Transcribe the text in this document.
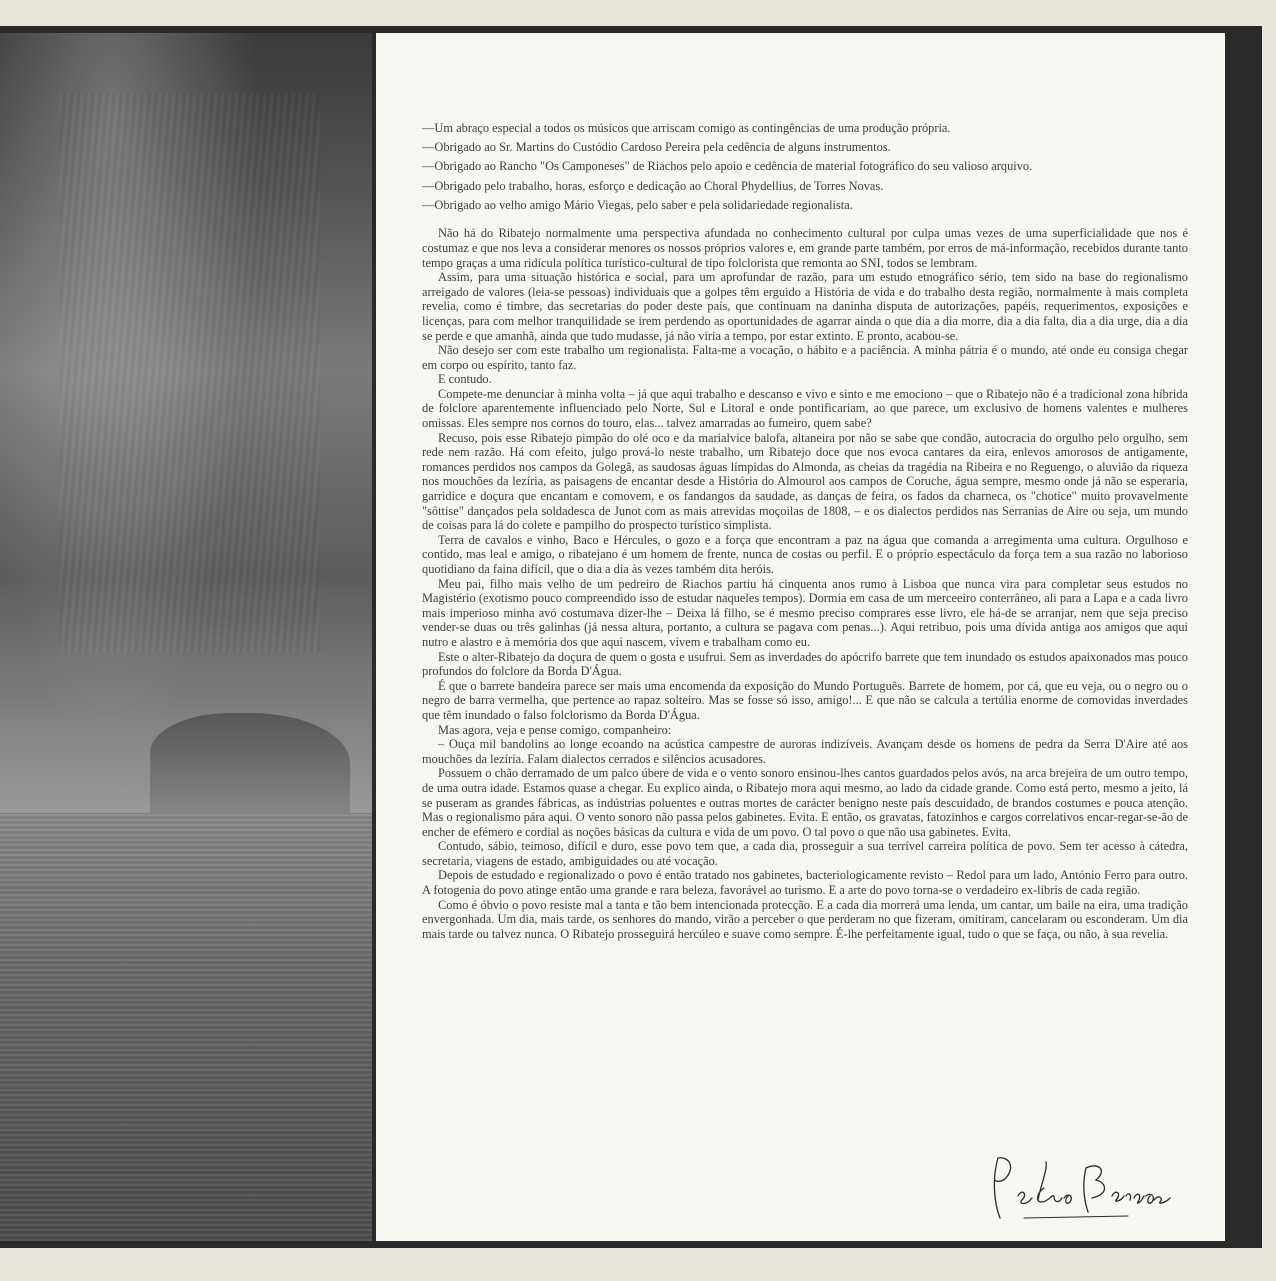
—Um abraço especial a todos os músicos que arriscam comigo as contingências de uma produção própria.
—Obrigado ao Sr. Martins do Custódio Cardoso Pereira pela cedência de alguns instrumentos.
—Obrigado ao Rancho "Os Camponeses" de Riachos pelo apoio e cedência de material fotográfico do seu valioso arquivo.
—Obrigado pelo trabalho, horas, esforço e dedicação ao Choral Phydellius, de Torres Novas.
—Obrigado ao velho amigo Mário Viegas, pelo saber e pela solidariedade regionalista.

Não há do Ribatejo normalmente uma perspectiva afundada no conhecimento cultural por culpa umas vezes de uma superficialidade que nos é costumaz e que nos leva a considerar menores os nossos próprios valores e, em grande parte também, por erros de má-informação, recebidos durante tanto tempo graças a uma ridícula política turístico-cultural de tipo folclorista que remonta ao SNI, todos se lembram.

Assim, para uma situação histórica e social, para um aprofundar de razão, para um estudo etnográfico sério, tem sido na base do regionalismo arreigado de valores (leia-se pessoas) individuais que a golpes têm erguido a História de vida e do trabalho desta região, normalmente à mais completa revelia, como é timbre, das secretarias do poder deste país, que continuam na daninha disputa de autorizações, papéis, requerimentos, exposições e licenças, para com melhor tranquilidade se irem perdendo as oportunidades de agarrar ainda o que dia a dia morre, dia a dia falta, dia a dia urge, dia a dia se perde e que amanhã, ainda que tudo mudasse, já não viria a tempo, por estar extinto. E pronto, acabou-se.

Não desejo ser com este trabalho um regionalista. Falta-me a vocação, o hábito e a paciência. A minha pátria é o mundo, até onde eu consiga chegar em corpo ou espírito, tanto faz.

E contudo.

Compete-me denunciar à minha volta – já que aqui trabalho e descanso e vivo e sinto e me emociono – que o Ribatejo não é a tradicional zona híbrida de folclore aparentemente influenciado pelo Norte, Sul e Litoral e onde pontificariam, ao que parece, um exclusivo de homens valentes e mulheres omissas. Eles sempre nos cornos do touro, elas... talvez amarradas ao fumeiro, quem sabe?

Recuso, pois esse Ribatejo pimpão do olé oco e da marialvice balofa, altaneira por não se sabe que condão, autocracia do orgulho pelo orgulho, sem rede nem razão. Há com efeito, julgo prová-lo neste trabalho, um Ribatejo doce que nos evoca cantares da eira, enlevos amorosos de antigamente, romances perdidos nos campos da Golegã, as saudosas águas límpidas do Almonda, as cheias da tragédia na Ribeira e no Reguengo, o aluvião da riqueza nos mouchões da lezíria, as paisagens de encantar desde a História do Almourol aos campos de Coruche, água sempre, mesmo onde já não se esperaria, garridice e doçura que encantam e comovem, e os fandangos da saudade, as danças de feira, os fados da charneca, os "chotice" muito provavelmente "sôttise" dançados pela soldadesca de Junot com as mais atrevidas moçoilas de 1808, – e os dialectos perdidos nas Serranias de Aire ou seja, um mundo de coisas para lá do colete e pampilho do prospecto turístico simplista.

Terra de cavalos e vinho, Baco e Hércules, o gozo e a força que encontram a paz na água que comanda a arregimenta uma cultura. Orgulhoso e contido, mas leal e amigo, o ribatejano é um homem de frente, nunca de costas ou perfil. E o próprio espectáculo da força tem a sua razão no laborioso quotidiano da faina difícil, que o dia a dia às vezes também dita heróis.

Meu pai, filho mais velho de um pedreiro de Riachos partiu há cinquenta anos rumo à Lisboa que nunca vira para completar seus estudos no Magistério (exotismo pouco compreendido isso de estudar naqueles tempos). Dormia em casa de um merceeiro conterrâneo, ali para a Lapa e a cada livro mais imperioso minha avó costumava dizer-lhe – Deixa lá filho, se é mesmo preciso comprares esse livro, ele há-de se arranjar, nem que seja preciso vender-se duas ou três galinhas (já nessa altura, portanto, a cultura se pagava com penas...). Aqui retribuo, pois uma dívida antiga aos amigos que aqui nutro e alastro e à memória dos que aqui nascem, vivem e trabalham como eu.

Este o alter-Ribatejo da doçura de quem o gosta e usufrui. Sem as inverdades do apócrifo barrete que tem inundado os estudos apaixonados mas pouco profundos do folclore da Borda D'Água.

É que o barrete bandeira parece ser mais uma encomenda da exposição do Mundo Português. Barrete de homem, por cá, que eu veja, ou o negro ou o negro de barra vermelha, que pertence ao rapaz solteiro. Mas se fosse só isso, amigo!... E que não se calcula a tertúlia enorme de comovidas inverdades que têm inundado o falso folclorismo da Borda D'Água.

Mas agora, veja e pense comigo, companheiro:

– Ouça mil bandolins ao longe ecoando na acústica campestre de auroras indizíveis. Avançam desde os homens de pedra da Serra D'Aire até aos mouchões da lezíria. Falam dialectos cerrados e silêncios acusadores.

Possuem o chão derramado de um palco úbere de vida e o vento sonoro ensinou-lhes cantos guardados pelos avós, na arca brejeira de um outro tempo, de uma outra idade. Estamos quase a chegar. Eu explico ainda, o Ribatejo mora aqui mesmo, ao lado da cidade grande. Como está perto, mesmo a jeito, lá se puseram as grandes fábricas, as indústrias poluentes e outras mortes de carácter benigno neste país descuidado, de brandos costumes e pouca atenção. Mas o regionalismo pára aqui. O vento sonoro não passa pelos gabinetes. Evita. E então, os gravatas, fatozinhos e cargos correlativos encar-regar-se-ão de encher de efémero e cordial as noções básicas da cultura e vida de um povo. O tal povo o que não usa gabinetes. Evita.

Contudo, sábio, teimoso, difícil e duro, esse povo tem que, a cada dia, prosseguir a sua terrível carreira política de povo. Sem ter acesso à cátedra, secretaria, viagens de estado, ambiguidades ou até vocação.

Depois de estudado e regionalizado o povo é então tratado nos gabinetes, bacteriologicamente revisto – Redol para um lado, António Ferro para outro. A fotogenia do povo atinge então uma grande e rara beleza, favorável ao turismo. E a arte do povo torna-se o verdadeiro ex-libris de cada região.

Como é óbvio o povo resiste mal a tanta e tão bem intencionada protecção. E a cada dia morrerá uma lenda, um cantar, um baile na eira, uma tradição envergonhada. Um dia, mais tarde, os senhores do mando, virão a perceber o que perderam no que fizeram, omitiram, cancelaram ou esconderam. Um dia mais tarde ou talvez nunca. O Ribatejo prosseguirá hercúleo e suave como sempre. É-lhe perfeitamente igual, tudo o que se faça, ou não, à sua revelia.
